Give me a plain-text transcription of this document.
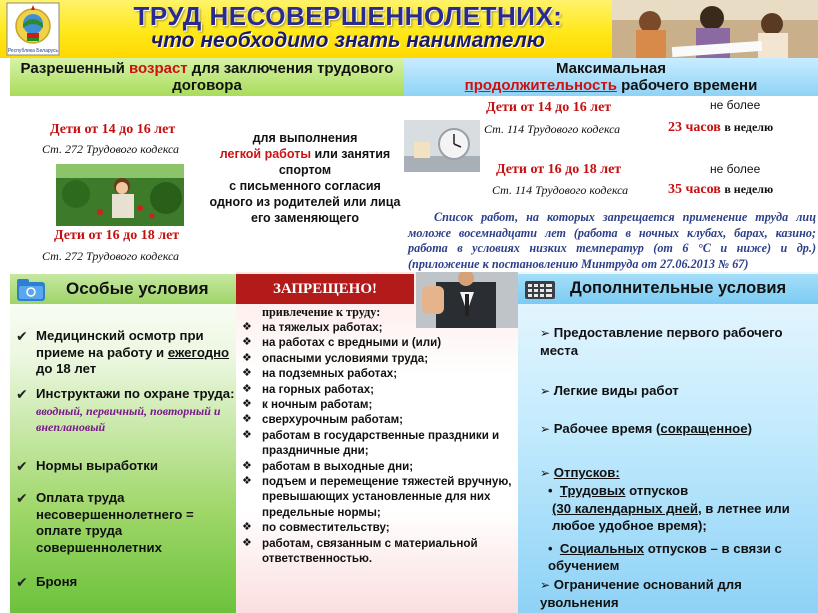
Республика Беларусь
ТРУД НЕСОВЕРШЕННОЛЕТНИХ:
что необходимо знать нанимателю
Разрешенный возраст для заключения трудового договора
Дети от 14 до 16 лет
Ст. 272 Трудового кодекса
для выполнения
легкой работы или занятия спортом
с письменного согласия одного из родителей или лица его заменяющего
Дети от 16 до 18 лет
Ст. 272 Трудового кодекса
Максимальная
продолжительность рабочего времени
Дети от 14 до 16 лет
Ст. 114 Трудового кодекса
не более
23 часов в неделю
Дети от 16 до 18 лет
Ст. 114 Трудового кодекса
не более
35 часов в неделю
Список работ, на которых запрещается применение труда лиц моложе восемнадцати лет (работа в ночных клубах, барах, казино; работа в условиях низких температур (от 6 °С и ниже) и др.) (приложение к постановлению Минтруда от 27.06.2013 № 67)
Особые условия
✔ Медицинский осмотр при приеме на работу и ежегодно до 18 лет
✔ Инструктажи по охране труда: вводный, первичный, повторный и внеплановый
✔ Нормы выработки
✔ Оплата труда несовершеннолетнего = оплате труда совершеннолетних
✔ Броня
ЗАПРЕЩЕНО!
привлечение к труду:
❖ на тяжелых работах;
❖ на работах с вредными и (или)
❖ опасными условиями труда;
❖ на подземных работах;
❖ на горных работах;
❖ к ночным работам;
❖ сверхурочным работам;
❖ работам в государственные праздники и праздничные дни;
❖ работам в выходные дни;
❖ подъем и перемещение тяжестей вручную, превышающих установленные для них предельные нормы;
❖ по совместительству;
❖ работам, связанным с материальной ответственностью.
Дополнительные условия
➢ Предоставление первого рабочего места
➢ Легкие виды работ
➢ Рабочее время (сокращенное)
➢ Отпусков:
• Трудовых отпусков
(30 календарных дней, в летнее или любое удобное время);
• Социальных отпусков – в связи с обучением
➢ Ограничение оснований для увольнения
